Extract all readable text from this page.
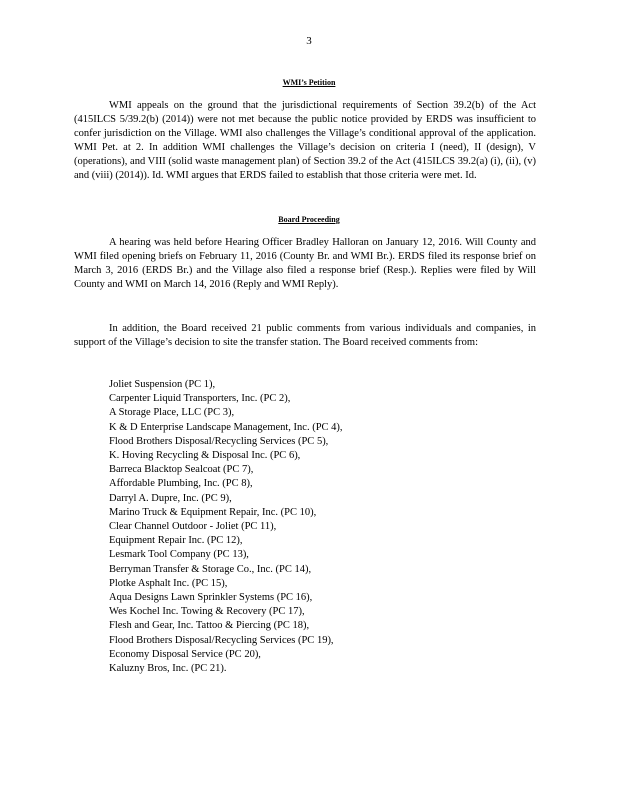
3
WMI’s Petition

WMI appeals on the ground that the jurisdictional requirements of Section 39.2(b) of the Act (415ILCS 5/39.2(b) (2014)) were not met because the public notice provided by ERDS was insufficient to confer jurisdiction on the Village. WMI also challenges the Village’s conditional approval of the application. WMI Pet. at 2. In addition WMI challenges the Village’s decision on criteria I (need), II (design), V (operations), and VIII (solid waste management plan) of Section 39.2 of the Act (415ILCS 39.2(a) (i), (ii), (v) and (viii) (2014)). Id. WMI argues that ERDS failed to establish that those criteria were met. Id.

Board Proceeding

A hearing was held before Hearing Officer Bradley Halloran on January 12, 2016. Will County and WMI filed opening briefs on February 11, 2016 (County Br. and WMI Br.). ERDS filed its response brief on March 3, 2016 (ERDS Br.) and the Village also filed a response brief (Resp.). Replies were filed by Will County and WMI on March 14, 2016 (Reply and WMI Reply).

In addition, the Board received 21 public comments from various individuals and companies, in support of the Village’s decision to site the transfer station. The Board received comments from:

Joliet Suspension (PC 1),
Carpenter Liquid Transporters, Inc. (PC 2),
A Storage Place, LLC (PC 3),
K & D Enterprise Landscape Management, Inc. (PC 4),
Flood Brothers Disposal/Recycling Services (PC 5),
K. Hoving Recycling & Disposal Inc. (PC 6),
Barreca Blacktop Sealcoat (PC 7),
Affordable Plumbing, Inc. (PC 8),
Darryl A. Dupre, Inc. (PC 9),
Marino Truck & Equipment Repair, Inc. (PC 10),
Clear Channel Outdoor - Joliet (PC 11),
Equipment Repair Inc. (PC 12),
Lesmark Tool Company (PC 13),
Berryman Transfer & Storage Co., Inc. (PC 14),
Plotke Asphalt Inc. (PC 15),
Aqua Designs Lawn Sprinkler Systems (PC 16),
Wes Kochel Inc. Towing & Recovery (PC 17),
Flesh and Gear, Inc. Tattoo & Piercing (PC 18),
Flood Brothers Disposal/Recycling Services (PC 19),
Economy Disposal Service (PC 20),
Kaluzny Bros, Inc. (PC 21).
